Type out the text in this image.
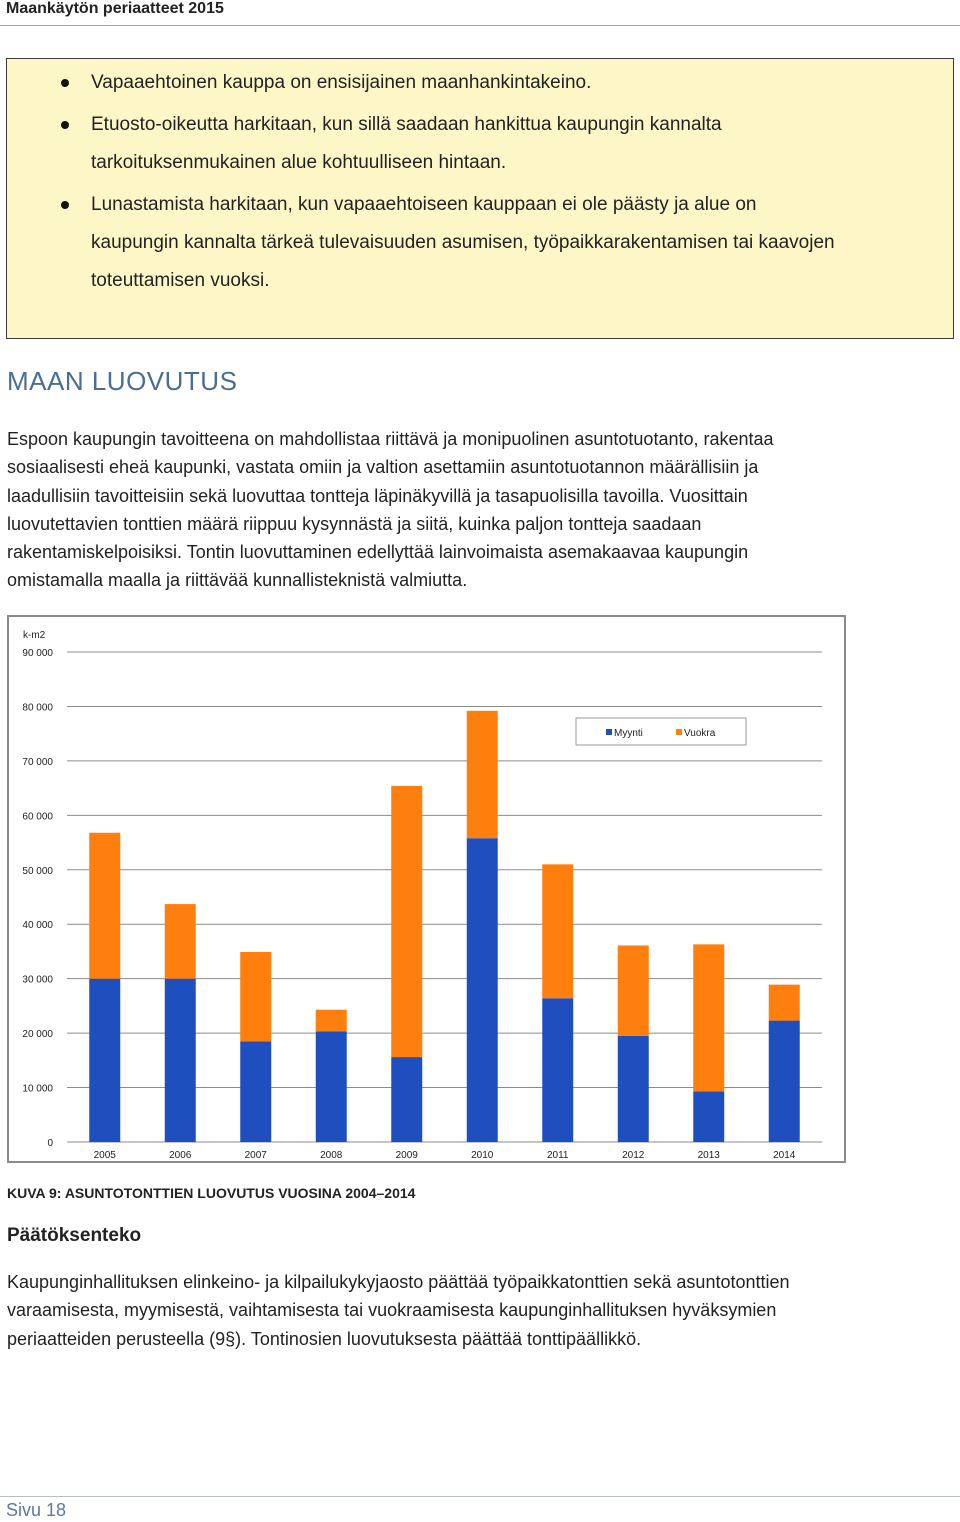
Maankäytön periaatteet 2015
Vapaaehtoinen kauppa on ensisijainen maanhankintakeino.
Etuosto-oikeutta harkitaan, kun sillä saadaan hankittua kaupungin kannalta
tarkoituksenmukainen alue kohtuulliseen hintaan.
Lunastamista harkitaan, kun vapaaehtoiseen kauppaan ei ole päästy ja alue on
kaupungin kannalta tärkeä tulevaisuuden asumisen, työpaikkarakentamisen tai kaavojen
toteuttamisen vuoksi.
MAAN LUOVUTUS
Espoon kaupungin tavoitteena on mahdollistaa riittävä ja monipuolinen asuntotuotanto, rakentaa
sosiaalisesti eheä kaupunki, vastata omiin ja valtion asettamiin asuntotuotannon määrällisiin ja
laadullisiin tavoitteisiin sekä luovuttaa tontteja läpinäkyvillä ja tasapuolisilla tavoilla. Vuosittain
luovutettavien tonttien määrä riippuu kysynnästä ja siitä, kuinka paljon tontteja saadaan
rakentamiskelpoisiksi. Tontin luovuttaminen edellyttää lainvoimaista asemakaavaa kaupungin
omistamalla maalla ja riittävää kunnallisteknistä valmiutta.
0
10 000
20 000
30 000
40 000
50 000
60 000
70 000
80 000
90 000
k-m2
2005	2006	2007	2008	2009	2010	2011	2012	2013	2014
Myynti	Vuokra
KUVA 9: ASUNTOTONTTIEN LUOVUTUS VUOSINA 2004–2014
Päätöksenteko
Kaupunginhallituksen elinkeino- ja kilpailukykyjaosto päättää työpaikkatonttien sekä asuntotonttien
varaamisesta, myymisestä, vaihtamisesta tai vuokraamisesta kaupunginhallituksen hyväksymien
periaatteiden perusteella (9§). Tontinosien luovutuksesta päättää tonttipäällikkö.
Sivu 18
